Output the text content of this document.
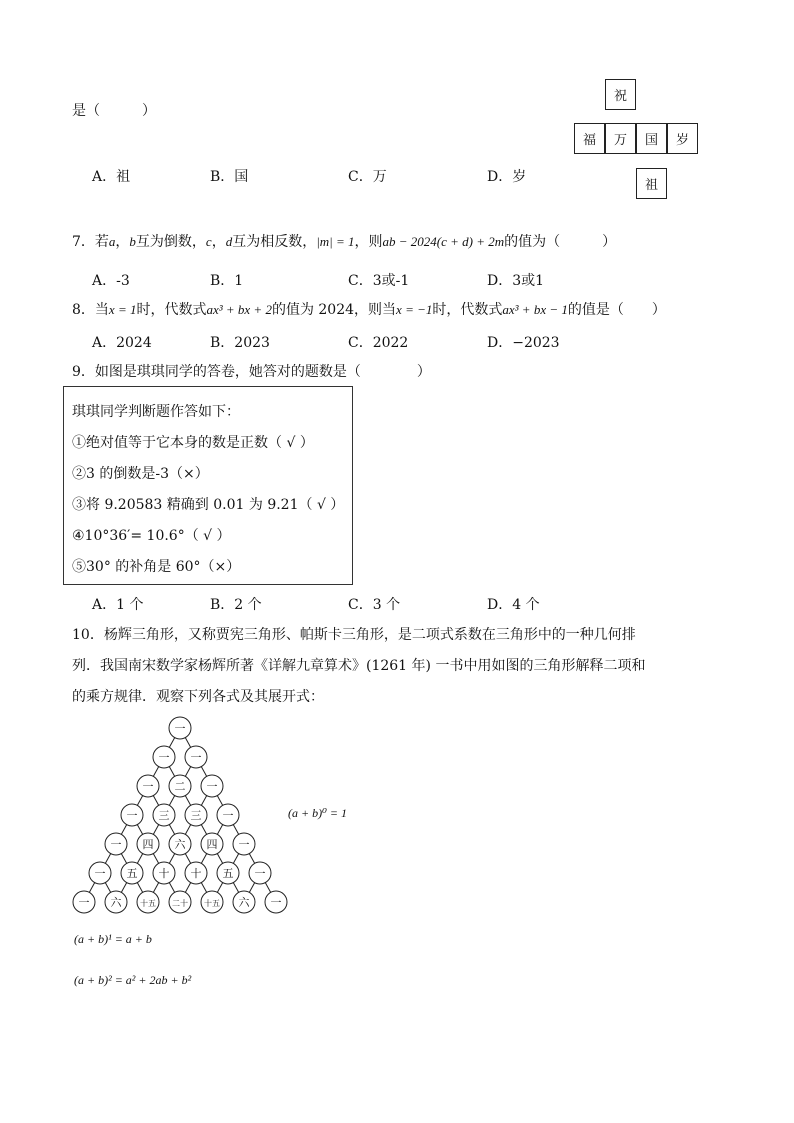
是（　　　）
祝
福	万	国	岁
祖
A．祖	B．国	C．万	D．岁
7．若a，b互为倒数，c，d互为相反数，|m| = 1，则ab − 2024(c + d) + 2m的值为（　　　）
A．-3	B．1	C．3或-1	D．3或1
8．当x = 1时，代数式ax³ + bx + 2的值为 2024，则当x = −1时，代数式ax³ + bx − 1的值是（　　）
A．2024	B．2023	C．2022	D．−2023
9．如图是琪琪同学的答卷，她答对的题数是（　　　　）
琪琪同学判断题作答如下：
①绝对值等于它本身的数是正数（ √ ）
②3 的倒数是-3（×）
③将 9.20583 精确到 0.01 为 9.21（ √ ）
④10°36′= 10.6°（ √ ）
⑤30° 的补角是 60°（×）
A．1 个	B．2 个	C．3 个	D．4 个
10．杨辉三角形，又称贾宪三角形、帕斯卡三角形，是二项式系数在三角形中的一种几何排
列．我国南宋数学家杨辉所著《详解九章算术》(1261 年) 一书中用如图的三角形解释二项和
的乘方规律．观察下列各式及其展开式：
一
一 一
一 二 一
一 三 三 一
一 四 六 四 一
一 五 十 十 五 一
一 六 十五 二十 十五 六 一
(a + b)⁰ = 1
(a + b)¹ = a + b
(a + b)² = a² + 2ab + b²
